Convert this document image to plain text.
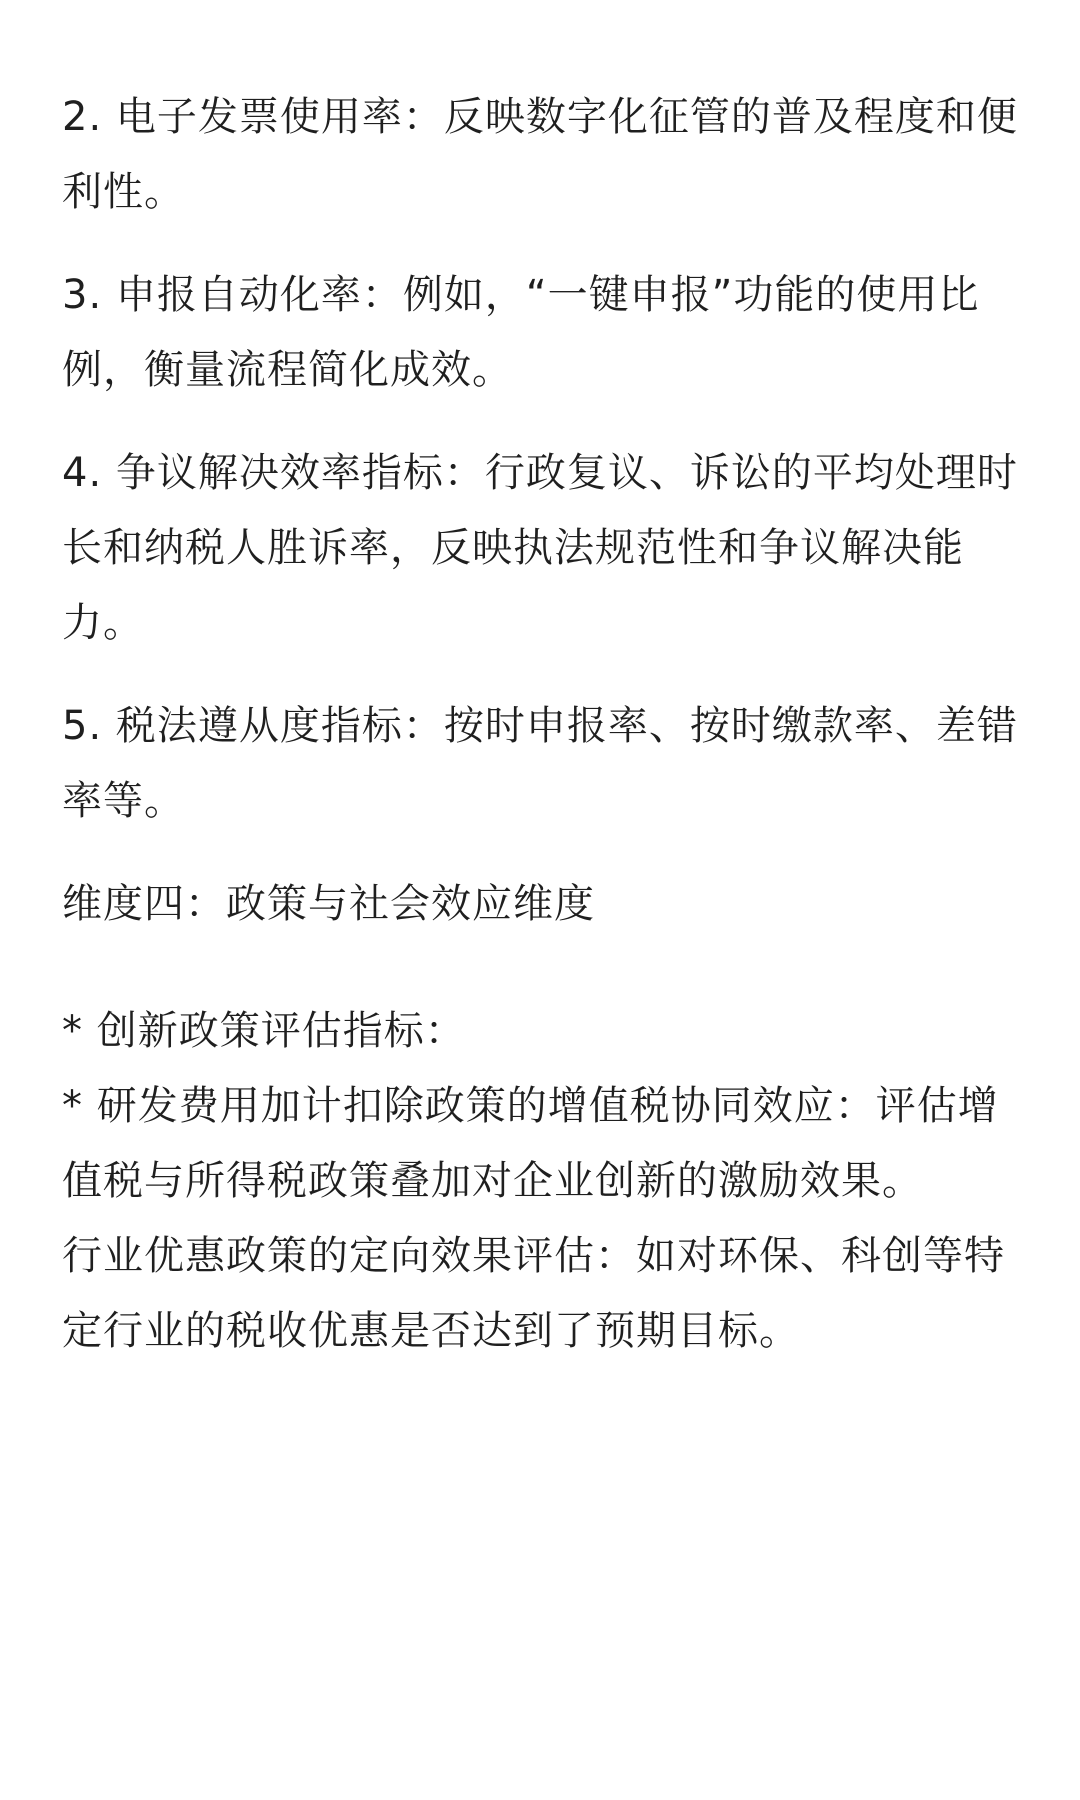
2. 电子发票使用率：反映数字化征管的普及程度和便利性。

3. 申报自动化率：例如，“一键申报”功能的使用比例，衡量流程简化成效。

4. 争议解决效率指标：行政复议、诉讼的平均处理时长和纳税人胜诉率，反映执法规范性和争议解决能力。

5. 税法遵从度指标：按时申报率、按时缴款率、差错率等。

维度四：政策与社会效应维度

* 创新政策评估指标：

* 研发费用加计扣除政策的增值税协同效应：评估增值税与所得税政策叠加对企业创新的激励效果。

行业优惠政策的定向效果评估：如对环保、科创等特定行业的税收优惠是否达到了预期目标。
